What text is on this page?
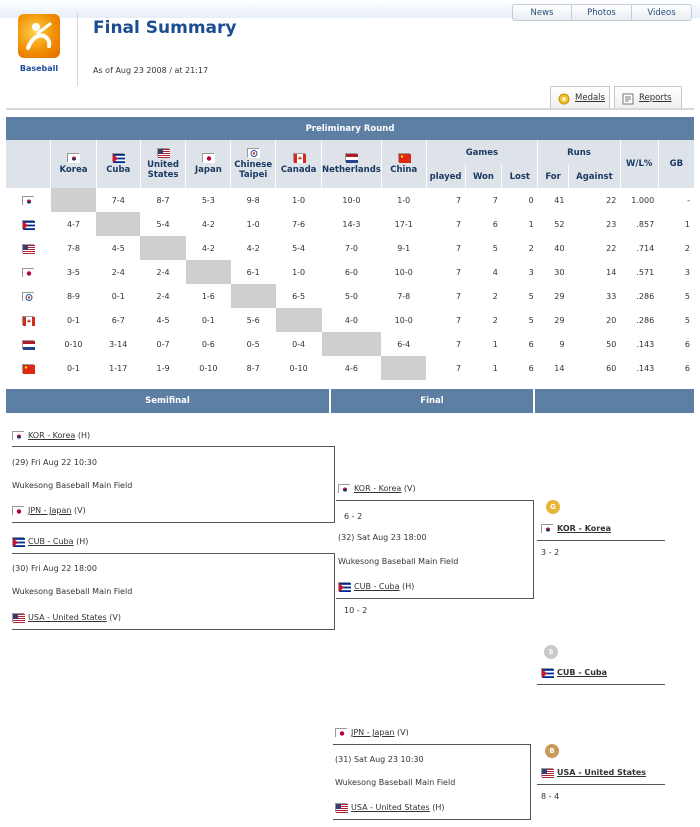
News	Photos	Videos
Baseball
Final Summary
As of Aug 23 2008 / at 21:17
Medals	Reports
Preliminary Round															

	Korea	Cuba	United States	Japan	Chinese Taipei	Canada	Netherlands	China	Games			Runs		W/L%	GB
									played	Won	Lost	For	Against		
		7-4	8-7	5-3	9-8	1-0	10-0	1-0	7	7	0	41	22	1.000	-
	4-7		5-4	4-2	1-0	7-6	14-3	17-1	7	6	1	52	23	.857	1
	7-8	4-5		4-2	4-2	5-4	7-0	9-1	7	5	2	40	22	.714	2
	3-5	2-4	2-4		6-1	1-0	6-0	10-0	7	4	3	30	14	.571	3
	8-9	0-1	2-4	1-6		6-5	5-0	7-8	7	2	5	29	33	.286	5
	0-1	6-7	4-5	0-1	5-6		4-0	10-0	7	2	5	29	20	.286	5
	0-10	3-14	0-7	0-6	0-5	0-4		6-4	7	1	6	9	50	.143	6
	0-1	1-17	1-9	0-10	8-7	0-10	4-6		7	1	6	14	60	.143	6
Semifinal	Final
KOR - Korea (H)
(29) Fri Aug 22 10:30
Wukesong Baseball Main Field
JPN - Japan (V)
CUB - Cuba (H)
(30) Fri Aug 22 18:00
Wukesong Baseball Main Field
USA - United States (V)
KOR - Korea (V)
6 - 2
(32) Sat Aug 23 18:00
Wukesong Baseball Main Field
CUB - Cuba (H)
10 - 2
G
KOR - Korea
3 - 2
S
CUB - Cuba
JPN - Japan (V)
(31) Sat Aug 23 10:30
Wukesong Baseball Main Field
USA - United States (H)
B
USA - United States
8 - 4
